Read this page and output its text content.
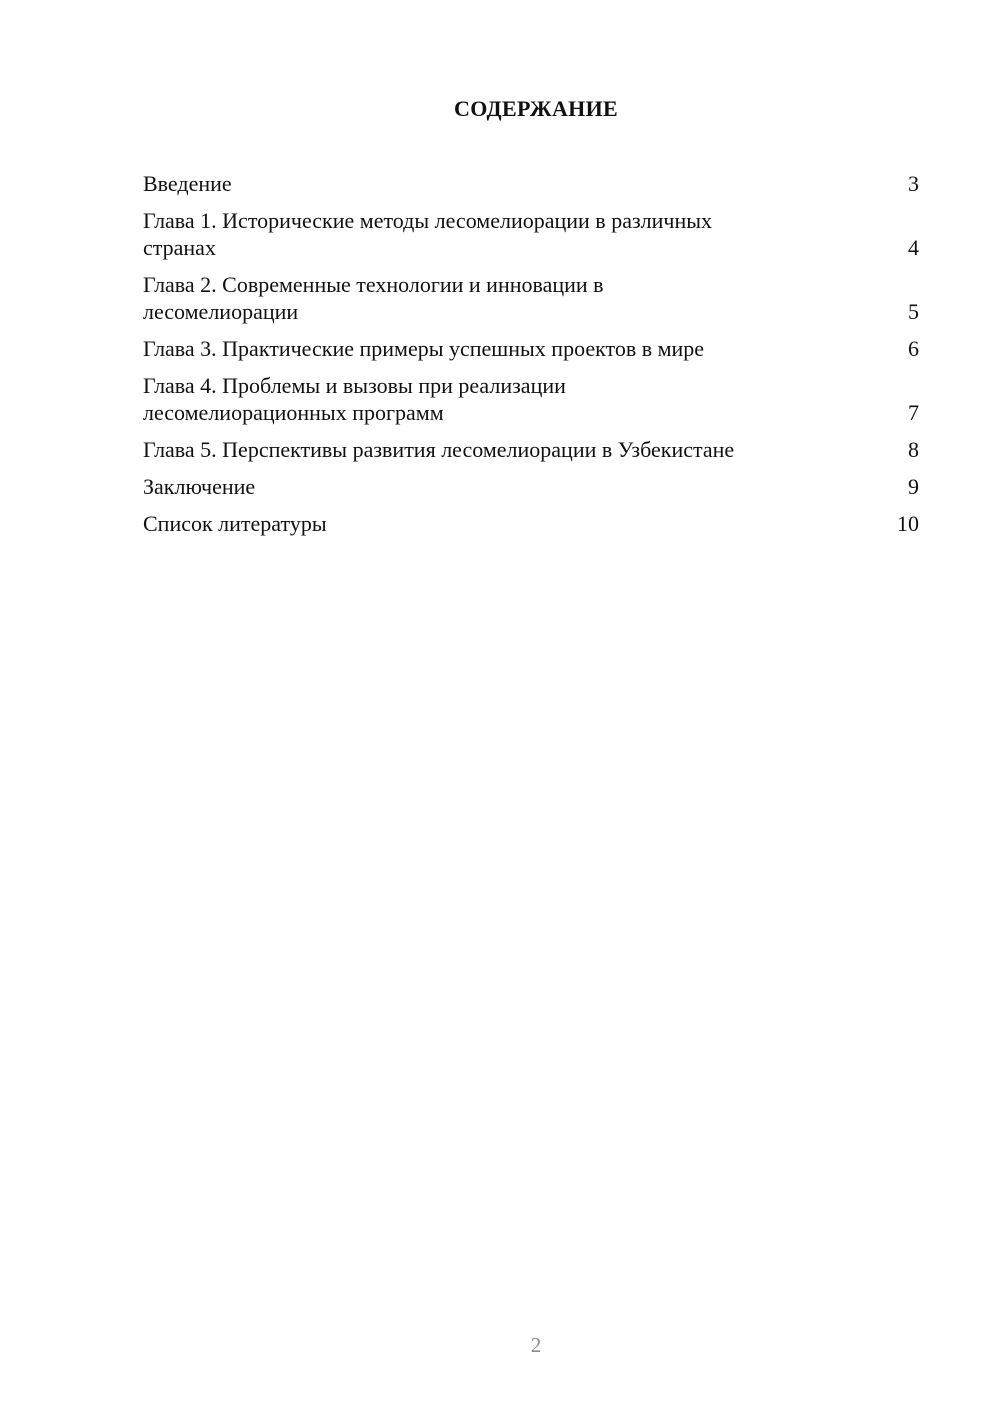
СОДЕРЖАНИЕ
Введение	3
Глава 1. Исторические методы лесомелиорации в различных
странах	4
Глава 2. Современные технологии и инновации в
лесомелиорации	5
Глава 3. Практические примеры успешных проектов в мире	6
Глава 4. Проблемы и вызовы при реализации
лесомелиорационных программ	7
Глава 5. Перспективы развития лесомелиорации в Узбекистане	8
Заключение	9
Список литературы	10
2
